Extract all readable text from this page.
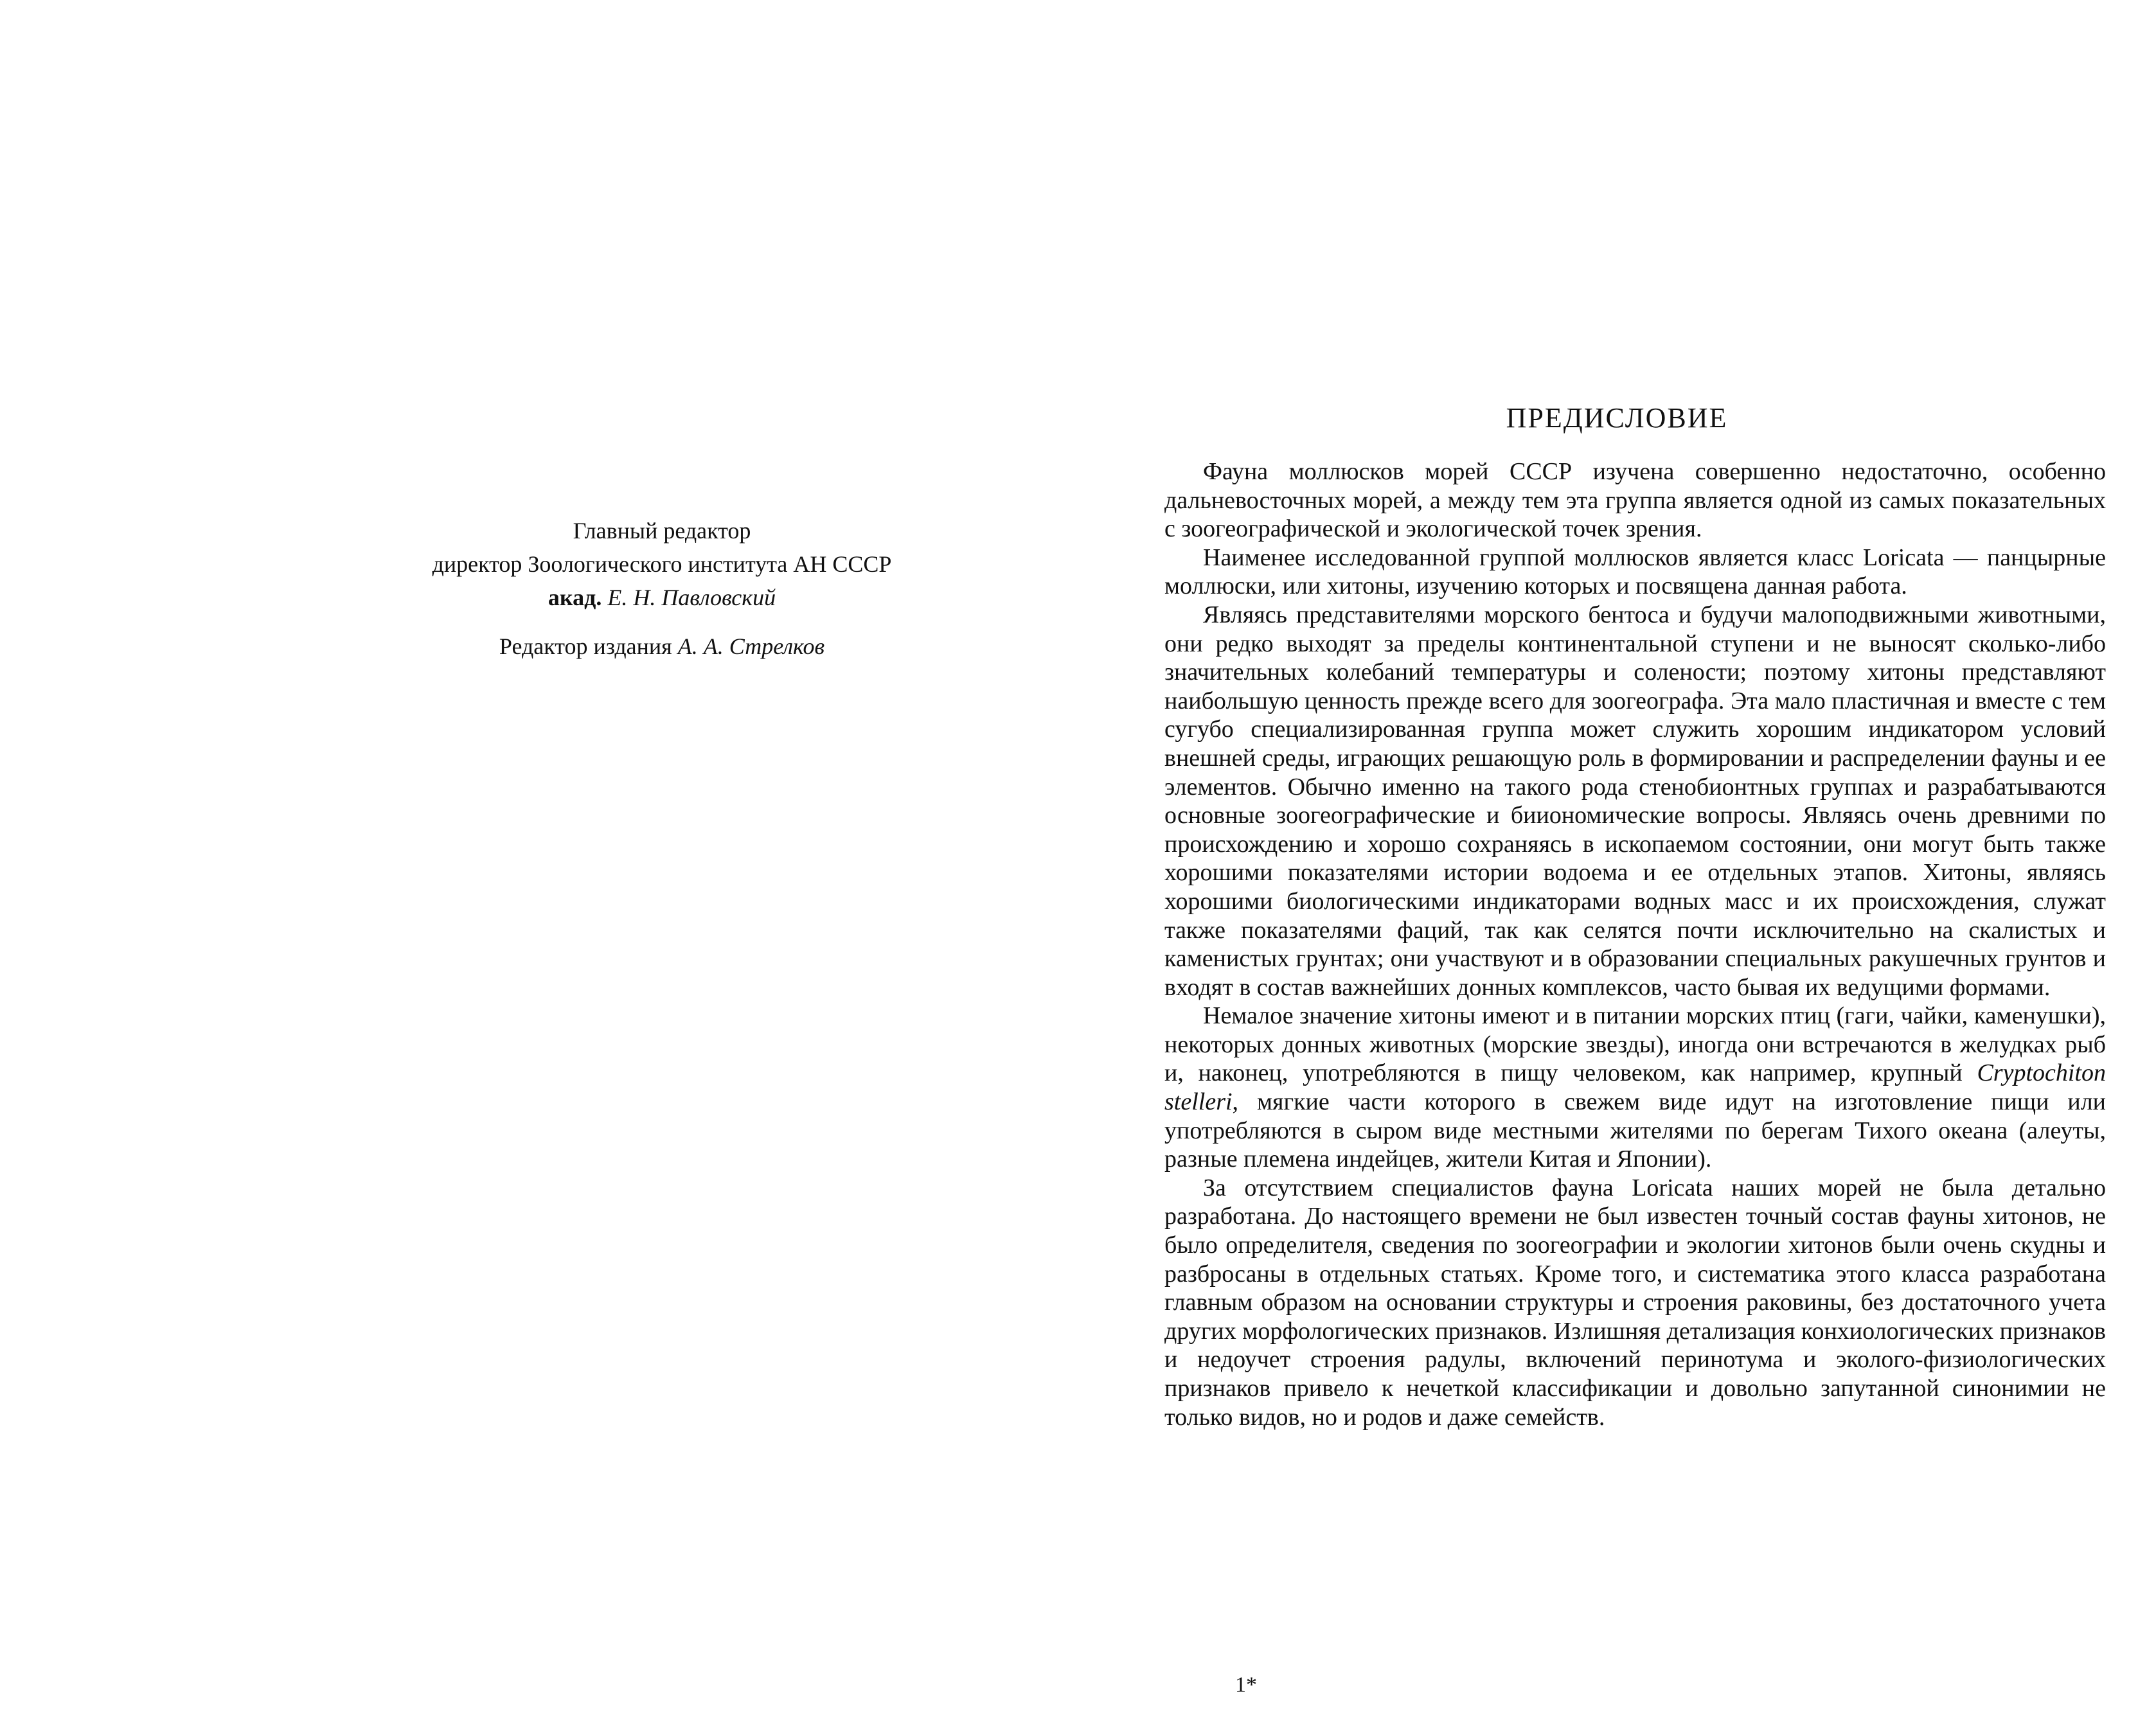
Главный редактор
директор Зоологического института АН СССР
акад. Е. Н. Павловский
Редактор издания А. А. Стрелков
ПРЕДИСЛОВИЕ

Фауна моллюсков морей СССР изучена совершенно недостаточно, особенно дальневосточных морей, а между тем эта группа является одной из самых показательных с зоогеографической и экологической точек зрения.

Наименее исследованной группой моллюсков является класс Loricata — панцырные моллюски, или хитоны, изучению которых и посвящена данная работа.

Являясь представителями морского бентоса и будучи малоподвижными животными, они редко выходят за пределы континентальной ступени и не выносят сколько-либо значительных колебаний температуры и солености; поэтому хитоны представляют наибольшую ценность прежде всего для зоогеографа. Эта мало пластичная и вместе с тем сугубо специализированная группа может служить хорошим индикатором условий внешней среды, играющих решающую роль в формировании и распределении фауны и ее элементов. Обычно именно на такого рода стенобионтных группах и разрабатываются основные зоогеографические и бииономические вопросы. Являясь очень древними по происхождению и хорошо сохраняясь в ископаемом состоянии, они могут быть также хорошими показателями истории водоема и ее отдельных этапов. Хитоны, являясь хорошими биологическими индикаторами водных масс и их происхождения, служат также показателями фаций, так как селятся почти исключительно на скалистых и каменистых грунтах; они участвуют и в образовании специальных ракушечных грунтов и входят в состав важнейших донных комплексов, часто бывая их ведущими формами.

Немалое значение хитоны имеют и в питании морских птиц (гаги, чайки, каменушки), некоторых донных животных (морские звезды), иногда они встречаются в желудках рыб и, наконец, употребляются в пищу человеком, как например, крупный Cryptochiton stelleri, мягкие части которого в свежем виде идут на изготовление пищи или употребляются в сыром виде местными жителями по берегам Тихого океана (алеуты, разные племена индейцев, жители Китая и Японии).

За отсутствием специалистов фауна Loricata наших морей не была детально разработана. До настоящего времени не был известен точный состав фауны хитонов, не было определителя, сведения по зоогеографии и экологии хитонов были очень скудны и разбросаны в отдельных статьях. Кроме того, и систематика этого класса разработана главным образом на основании структуры и строения раковины, без достаточного учета других морфологических признаков. Излишняя детализация конхиологических признаков и недоучет строения радулы, включений перинотума и эколого-физиологических признаков привело к нечеткой классификации и довольно запутанной синонимии не только видов, но и родов и даже семейств.

1*
